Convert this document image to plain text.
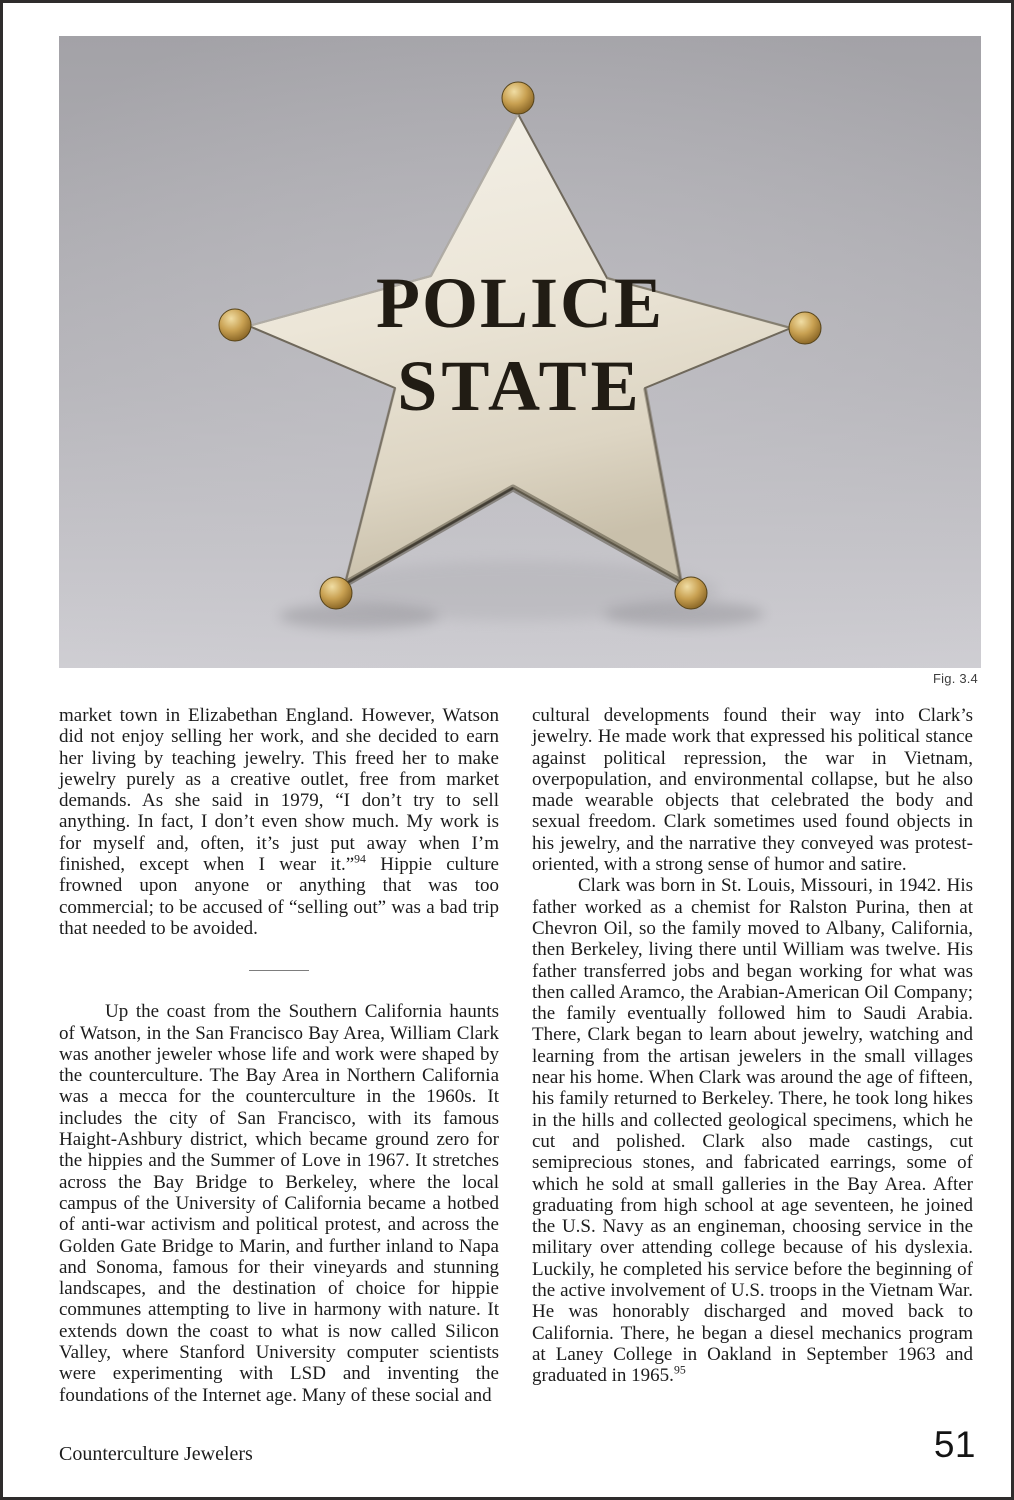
POLICE
STATE
Fig. 3.4

market town in Elizabethan England. However, Watson did not enjoy selling her work, and she decided to earn her living by teaching jewelry. This freed her to make jewelry purely as a creative outlet, free from market demands. As she said in 1979, “I don’t try to sell anything. In fact, I don’t even show much. My work is for myself and, often, it’s just put away when I’m finished, except when I wear it.”$^{94}$ Hippie culture frowned upon anyone or anything that was too commercial; to be accused of “selling out” was a bad trip that needed to be avoided.

Up the coast from the Southern California haunts of Watson, in the San Francisco Bay Area, William Clark was another jeweler whose life and work were shaped by the counterculture. The Bay Area in Northern California was a mecca for the counterculture in the 1960s. It includes the city of San Francisco, with its famous Haight-Ashbury district, which became ground zero for the hippies and the Summer of Love in 1967. It stretches across the Bay Bridge to Berkeley, where the local campus of the University of California became a hotbed of anti-war activism and political protest, and across the Golden Gate Bridge to Marin, and further inland to Napa and Sonoma, famous for their vineyards and stunning landscapes, and the destination of choice for hippie communes attempting to live in harmony with nature. It extends down the coast to what is now called Silicon Valley, where Stanford University computer scientists were experimenting with LSD and inventing the foundations of the Internet age. Many of these social and

cultural developments found their way into Clark’s jewelry. He made work that expressed his political stance against political repression, the war in Vietnam, overpopulation, and environmental collapse, but he also made wearable objects that celebrated the body and sexual freedom. Clark sometimes used found objects in his jewelry, and the narrative they conveyed was protest-oriented, with a strong sense of humor and satire.

Clark was born in St. Louis, Missouri, in 1942. His father worked as a chemist for Ralston Purina, then at Chevron Oil, so the family moved to Albany, California, then Berkeley, living there until William was twelve. His father transferred jobs and began working for what was then called Aramco, the Arabian-American Oil Company; the family eventually followed him to Saudi Arabia. There, Clark began to learn about jewelry, watching and learning from the artisan jewelers in the small villages near his home. When Clark was around the age of fifteen, his family returned to Berkeley. There, he took long hikes in the hills and collected geological specimens, which he cut and polished. Clark also made castings, cut semiprecious stones, and fabricated earrings, some of which he sold at small galleries in the Bay Area. After graduating from high school at age seventeen, he joined the U.S. Navy as an engineman, choosing service in the military over attending college because of his dyslexia. Luckily, he completed his service before the beginning of the active involvement of U.S. troops in the Vietnam War. He was honorably discharged and moved back to California. There, he began a diesel mechanics program at Laney College in Oakland in September 1963 and graduated in 1965.95

Counterculture Jewelers	51
